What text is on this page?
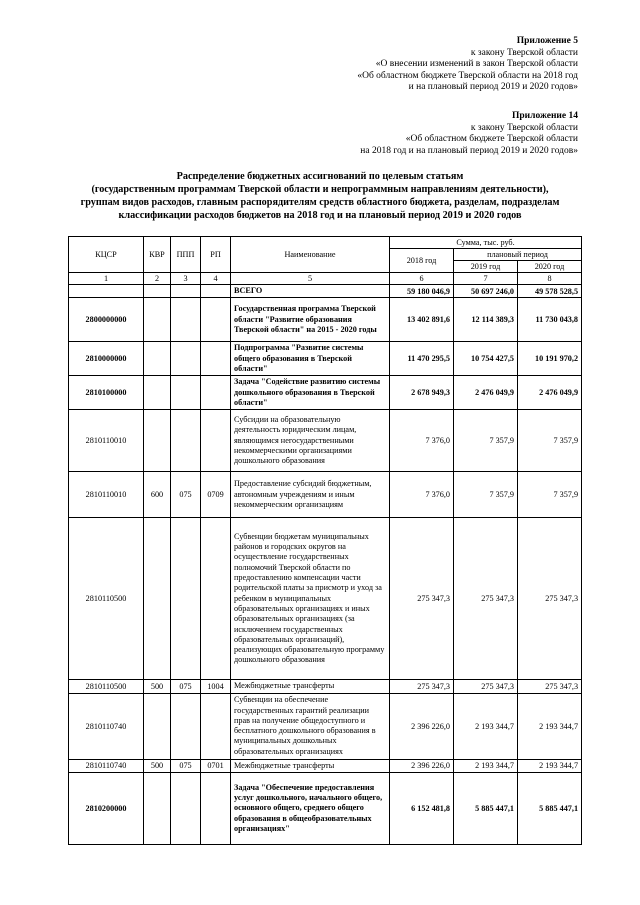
Приложение 5
к закону Тверской области
«О внесении изменений в закон Тверской области
«Об областном бюджете Тверской области на 2018 год
и на плановый период 2019 и 2020 годов»
Приложение 14
к закону Тверской области
«Об областном бюджете Тверской области
на 2018 год и на плановый период 2019 и 2020 годов»
Распределение бюджетных ассигнований по целевым статьям
(государственным программам Тверской области и непрограммным направлениям деятельности),
группам видов расходов, главным распорядителям средств областного бюджета, разделам, подразделам
классификации расходов бюджетов на 2018 год и на плановый период 2019 и 2020 годов
КЦСР	КВР	ППП	РП	Наименование	Сумма, тыс. руб.		
					2018 год	плановый период	
						2019 год	2020 год
1	2	3	4	5	6	7	8
				ВСЕГО	59 180 046,9	50 697 246,0	49 578 528,5
2800000000				Государственная программа Тверской области "Развитие образования Тверской области" на 2015 - 2020 годы	13 402 891,6	12 114 389,3	11 730 043,8
2810000000				Подпрограмма "Развитие системы общего образования в Тверской области"	11 470 295,5	10 754 427,5	10 191 970,2
2810100000				Задача "Содействие развитию системы дошкольного образования в Тверской области"	2 678 949,3	2 476 049,9	2 476 049,9
2810110010				Субсидии на образовательную деятельность юридическим лицам, являющимся негосударственными некоммерческими организациями дошкольного образования	7 376,0	7 357,9	7 357,9
2810110010	600	075	0709	Предоставление субсидий бюджетным, автономным учреждениям и иным некоммерческим организациям	7 376,0	7 357,9	7 357,9
2810110500				Субвенции бюджетам муниципальных районов и городских округов на осуществление государственных полномочий Тверской области по предоставлению компенсации части родительской платы за присмотр и уход за ребенком в муниципальных образовательных организациях и иных образовательных организациях (за исключением государственных образовательных организаций), реализующих образовательную программу дошкольного образования	275 347,3	275 347,3	275 347,3
2810110500	500	075	1004	Межбюджетные трансферты	275 347,3	275 347,3	275 347,3
2810110740				Субвенции на обеспечение государственных гарантий реализации прав на получение общедоступного и бесплатного дошкольного образования в муниципальных дошкольных образовательных организациях	2 396 226,0	2 193 344,7	2 193 344,7
2810110740	500	075	0701	Межбюджетные трансферты	2 396 226,0	2 193 344,7	2 193 344,7
2810200000				Задача "Обеспечение предоставления услуг дошкольного, начального общего, основного общего, среднего общего образования в общеобразовательных организациях"	6 152 481,8	5 885 447,1	5 885 447,1
